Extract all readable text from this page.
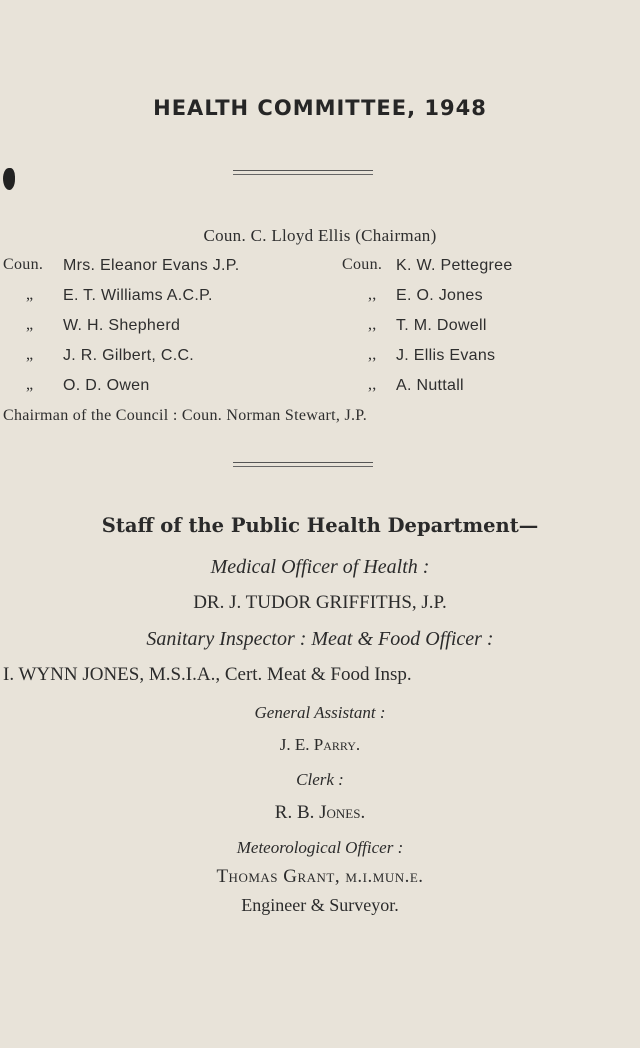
HEALTH COMMITTEE, 1948
Coun. C. Lloyd Ellis (Chairman)
Coun.
„
„
„
„
Mrs. Eleanor Evans J.P.
E. T. Williams A.C.P.
W. H. Shepherd
J. R. Gilbert, C.C.
O. D. Owen
Coun.
,,
,,
,,
,,
K. W. Pettegree
E. O. Jones
T. M. Dowell
J. Ellis Evans
A. Nuttall
Chairman of the Council : Coun. Norman Stewart, J.P.
Staff of the Public Health Department—
Medical Officer of Health :
DR. J. TUDOR GRIFFITHS, J.P.
Sanitary Inspector : Meat & Food Officer :
I. WYNN JONES, M.S.I.A., Cert. Meat & Food Insp.
General Assistant :
J. E. Parry.
Clerk :
R. B. Jones.
Meteorological Officer :
Thomas Grant, m.i.mun.e.
Engineer & Surveyor.
